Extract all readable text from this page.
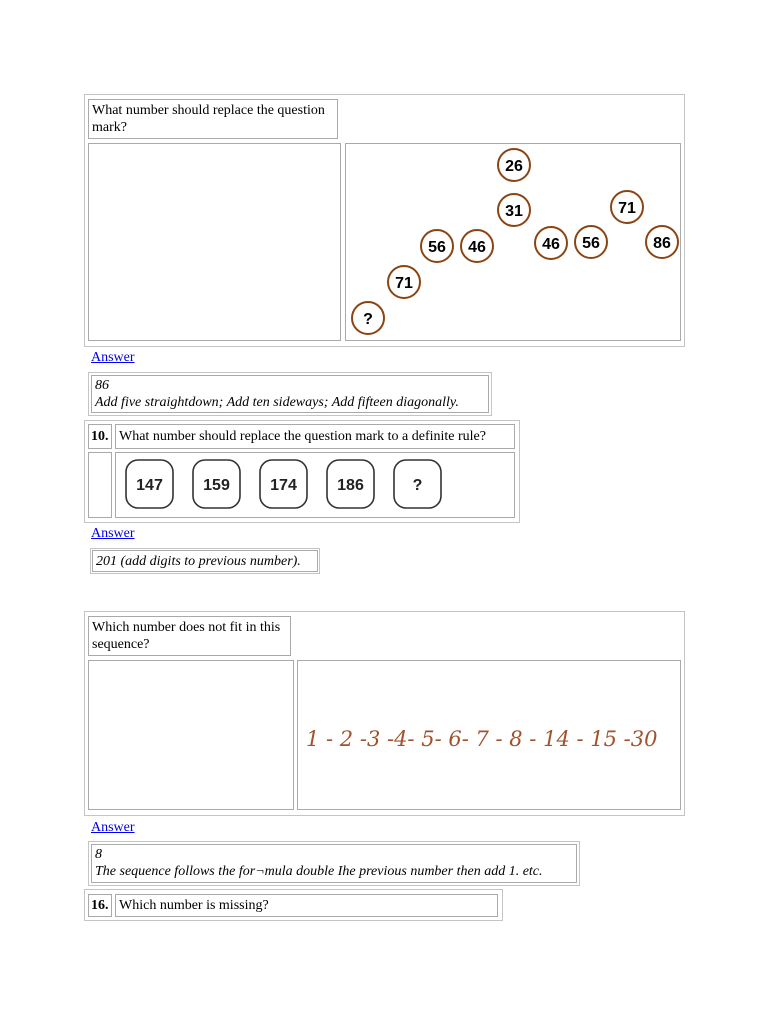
What number should replace the question mark?
26
31	71
56 46	46 56	86
71
?
Answer
86
Add five straightdown; Add ten sideways; Add fifteen diagonally.
10. What number should replace the question mark to a definite rule?
147	159	174	186	?
Answer
201 (add digits to previous number).
Which number does not fit in this sequence?
1 - 2 -3 -4- 5- 6- 7 - 8 - 14 - 15 -30
Answer
8
The sequence follows the for¬mula double Ihe previous number then add 1. etc.
16. Which number is missing?
